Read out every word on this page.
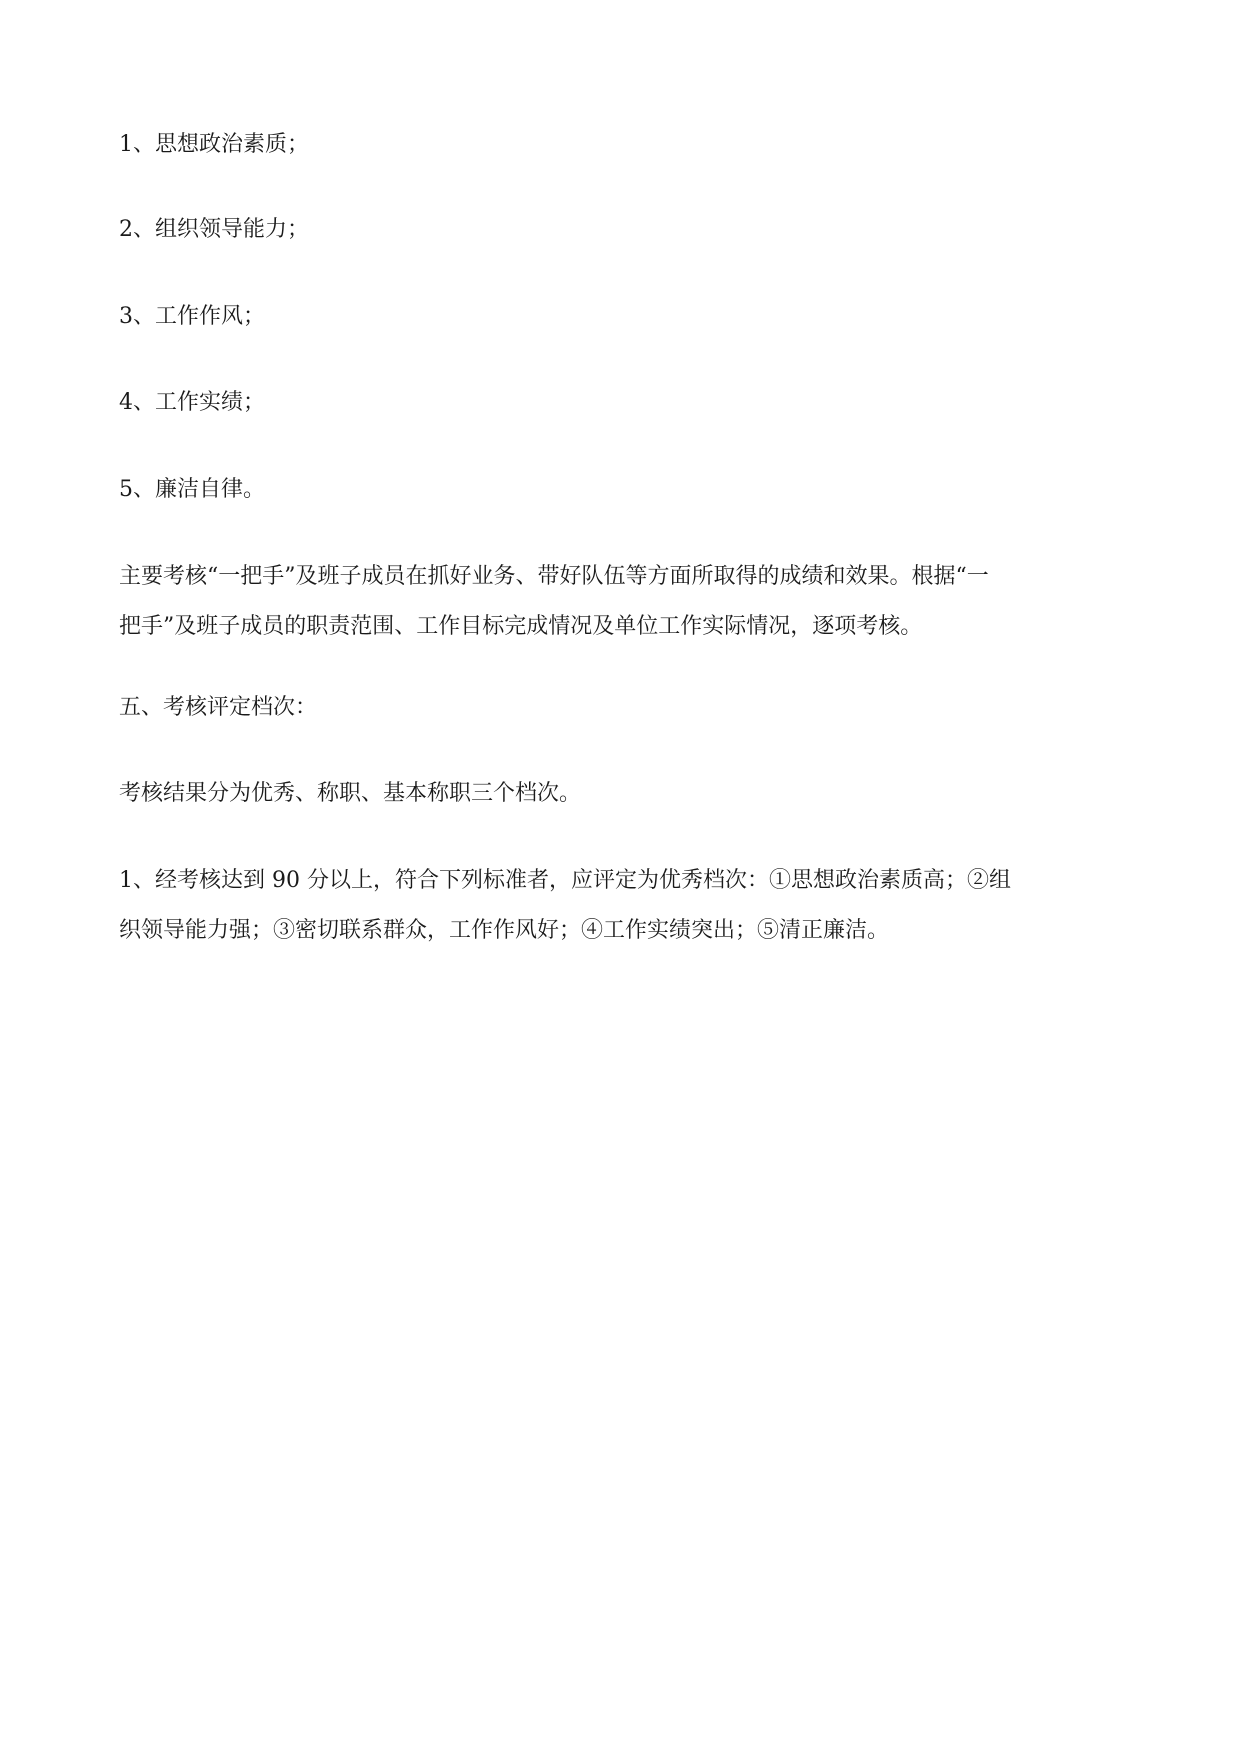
1、思想政治素质；

2、组织领导能力；

3、工作作风；

4、工作实绩；

5、廉洁自律。

主要考核“一把手”及班子成员在抓好业务、带好队伍等方面所取得的成绩和效果。根据“一
把手”及班子成员的职责范围、工作目标完成情况及单位工作实际情况，逐项考核。

五、考核评定档次：

考核结果分为优秀、称职、基本称职三个档次。

1、经考核达到 90 分以上，符合下列标准者，应评定为优秀档次：①思想政治素质高；②组
织领导能力强；③密切联系群众，工作作风好；④工作实绩突出；⑤清正廉洁。
